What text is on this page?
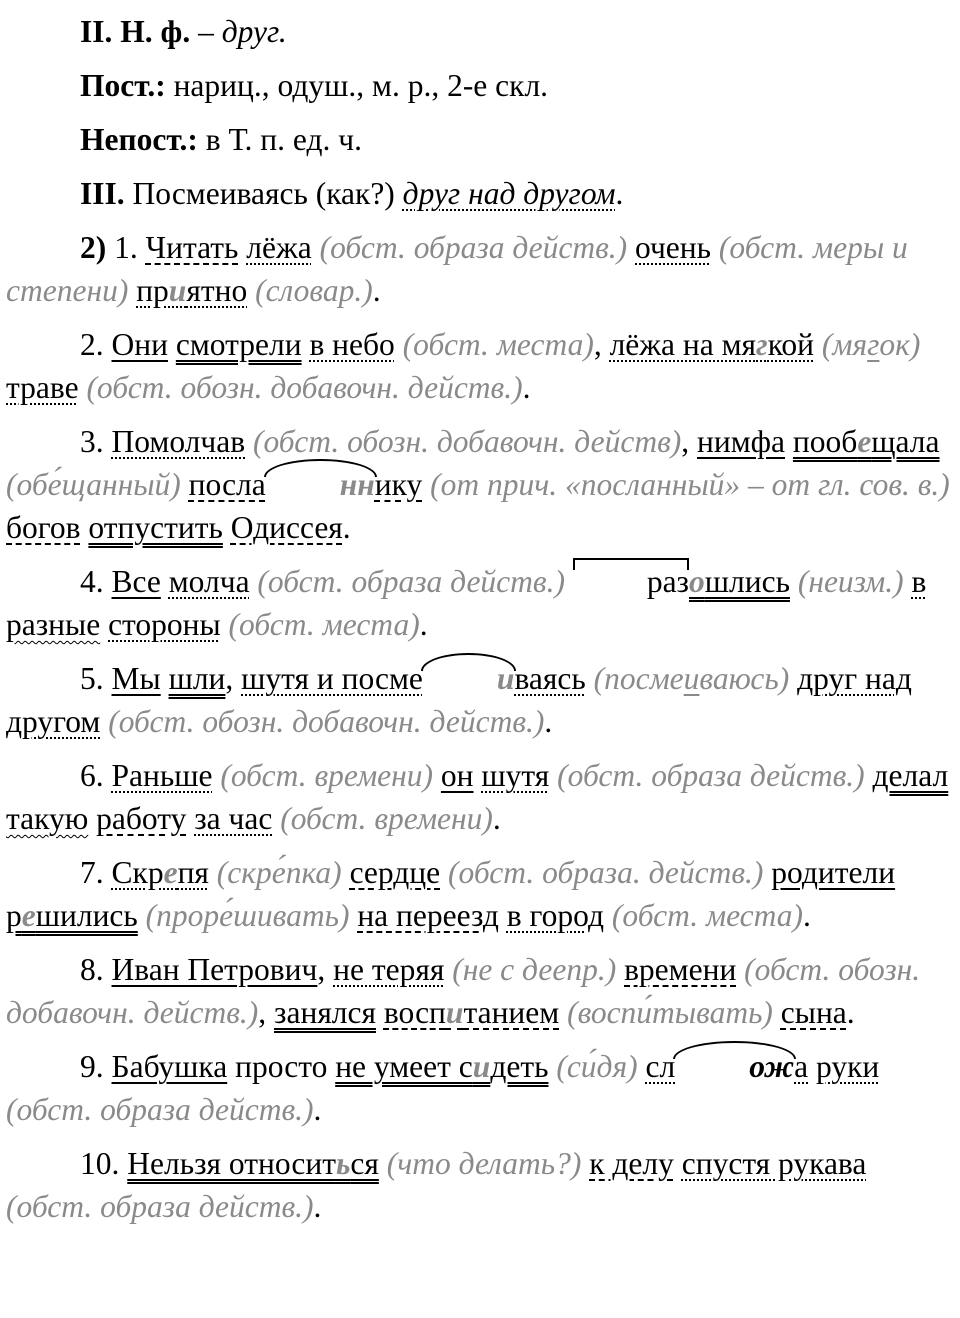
II. Н. ф. – друг.

Пост.: нариц., одуш., м. р., 2-е скл.

Непост.: в Т. п. ед. ч.

III. Посмеиваясь (как?) друг над другом.

2) 1. Читать лёжа (обст. образа действ.) очень (обст. меры и степени) приятно (словар.).

2. Они смотрели в небо (обст. места), лёжа на мягкой (мягок) траве (обст. обозн. добавочн. действ.).

3. Помолчав (обст. обозн. добавочн. действ), нимфа пообещала (обе́щанный) посла ннику (от прич. «посланный» – от гл. сов. в.) богов отпустить Одиссея.

4. Все молча (обст. образа действ.)	разошлись (неизм.) в разные стороны (обст. места).

5. Мы шли, шутя и посме иваясь (посмеиваюсь) друг над другом (обст. обозн. добавочн. действ.).

6. Раньше (обст. времени) он шутя (обст. образа действ.) делал такую работу за час (обст. времени).

7. Скрепя (скре́пка) сердце (обст. образа. действ.) родители решились (проре́шивать) на переезд в город (обст. места).

8. Иван Петрович, не теряя (не с деепр.) времени (обст. обозн. добавочн. действ.), занялся воспитанием (воспи́тывать) сына.

9. Бабушка просто не умеет сидеть (си́дя) сл ожа руки (обст. образа действ.).

10. Нельзя относиться (что делать?) к делу спустя рукава (обст. образа действ.).
